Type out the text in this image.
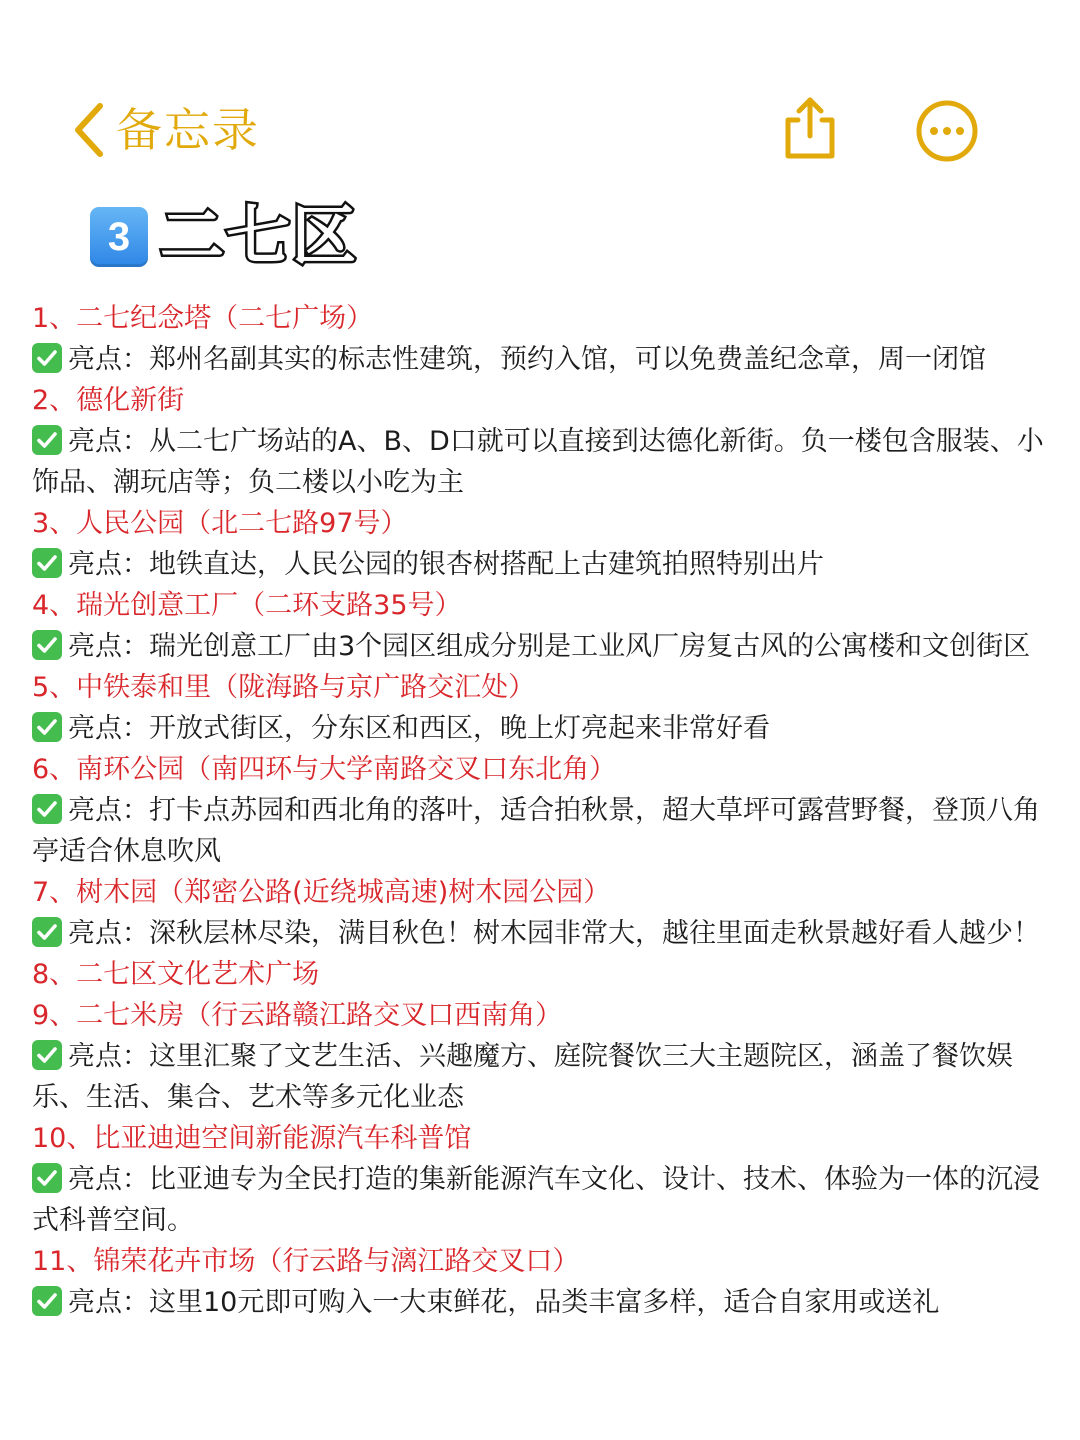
备忘录
3 二七区

1、二七纪念塔（二七广场）

亮点：郑州名副其实的标志性建筑，预约入馆，可以免费盖纪念章，周一闭馆

2、德化新街

亮点：从二七广场站的A、B、D口就可以直接到达德化新街。负一楼包含服装、小饰品、潮玩店等；负二楼以小吃为主

3、人民公园（北二七路97号）

亮点：地铁直达，人民公园的银杏树搭配上古建筑拍照特别出片

4、瑞光创意工厂（二环支路35号）

亮点：瑞光创意工厂由3个园区组成分别是工业风厂房复古风的公寓楼和文创街区

5、中铁泰和里（陇海路与京广路交汇处）

亮点：开放式街区，分东区和西区，晚上灯亮起来非常好看

6、南环公园（南四环与大学南路交叉口东北角）

亮点：打卡点苏园和西北角的落叶，适合拍秋景，超大草坪可露营野餐，登顶八角亭适合休息吹风

7、树木园（郑密公路(近绕城高速)树木园公园）

亮点：深秋层林尽染，满目秋色！树木园非常大，越往里面走秋景越好看人越少！

8、二七区文化艺术广场

9、二七米房（行云路赣江路交叉口西南角）

亮点：这里汇聚了文艺生活、兴趣魔方、庭院餐饮三大主题院区，涵盖了餐饮娱乐、生活、集合、艺术等多元化业态

10、比亚迪迪空间新能源汽车科普馆

亮点：比亚迪专为全民打造的集新能源汽车文化、设计、技术、体验为一体的沉浸式科普空间。

11、锦荣花卉市场（行云路与漓江路交叉口）

亮点：这里10元即可购入一大束鲜花，品类丰富多样，适合自家用或送礼
